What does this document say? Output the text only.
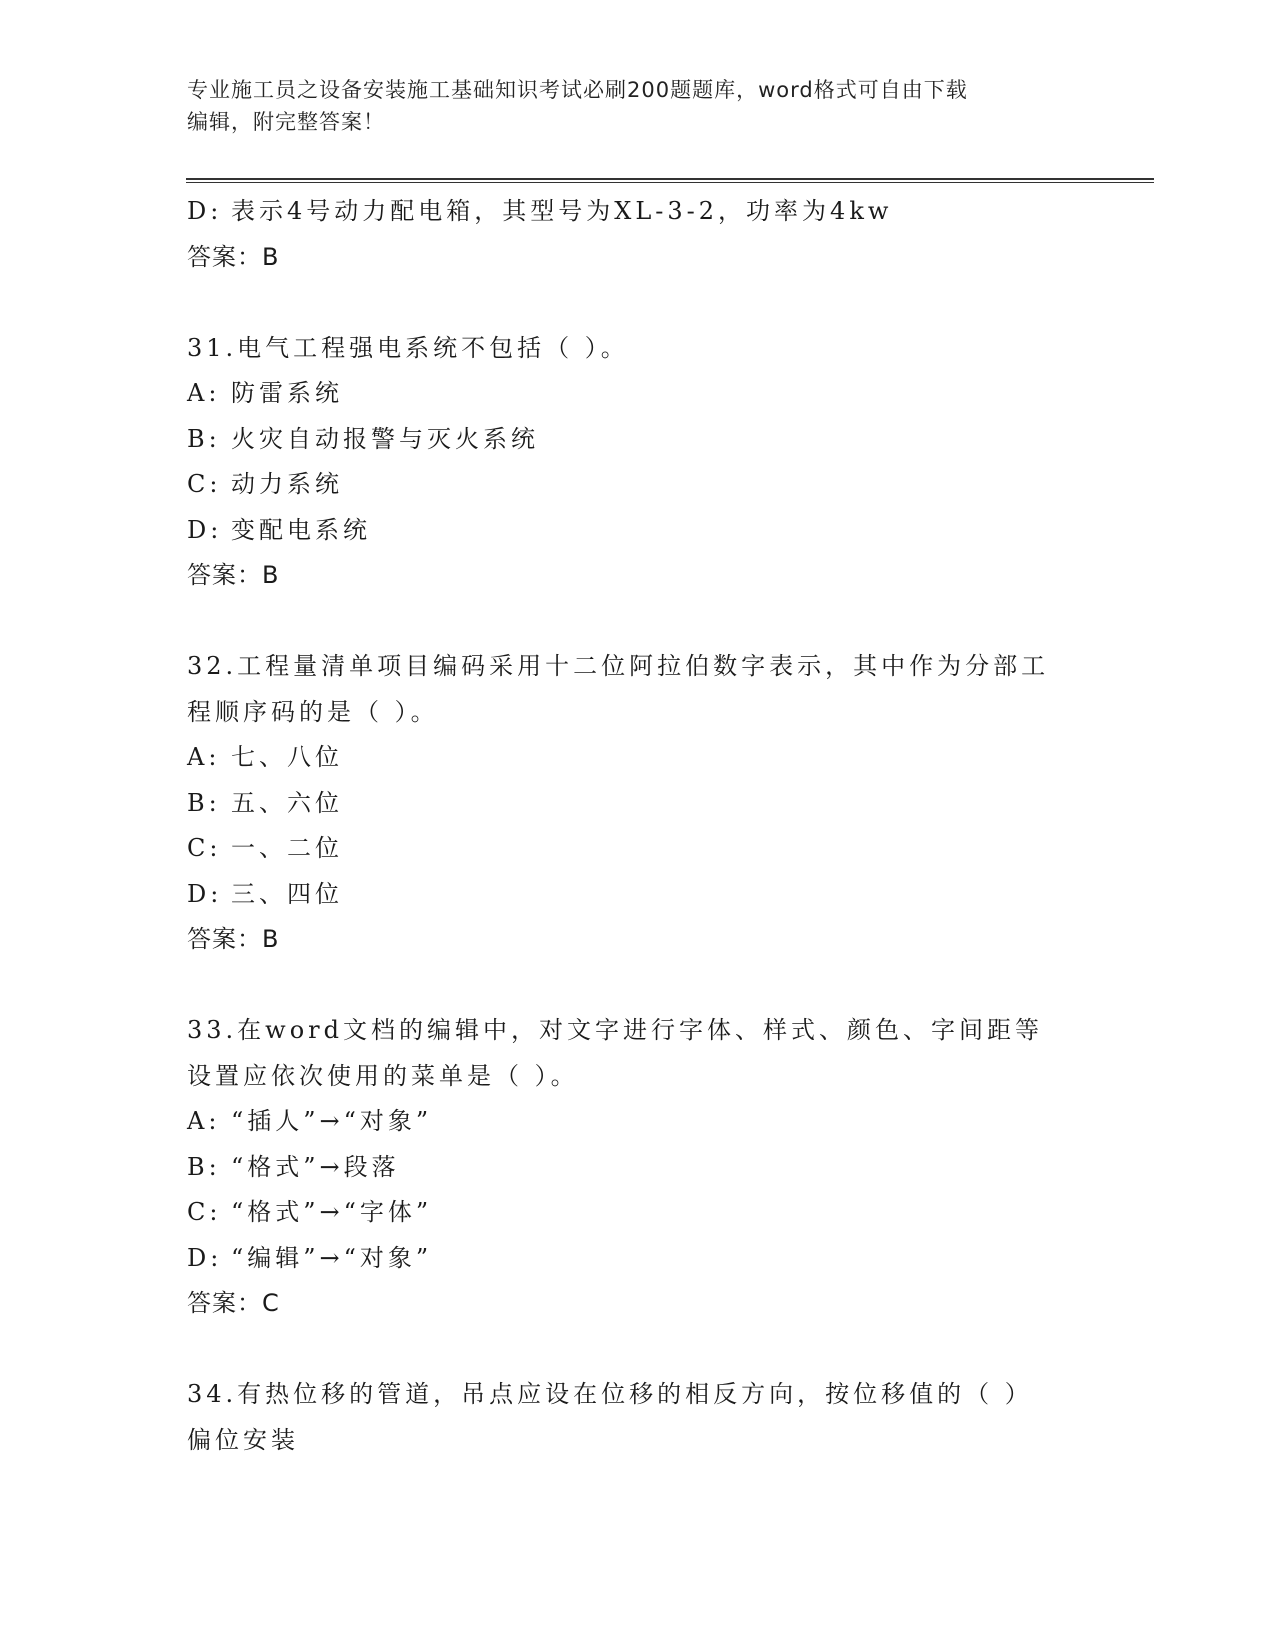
专业施工员之设备安装施工基础知识考试必刷200题题库，word格式可自由下载
编辑，附完整答案！
D: 表示4号动力配电箱，其型号为XL-3-2，功率为4kw
答案：B
31.电气工程强电系统不包括（ ）。
A: 防雷系统
B: 火灾自动报警与灭火系统
C: 动力系统
D: 变配电系统
答案：B
32.工程量清单项目编码采用十二位阿拉伯数字表示，其中作为分部工
程顺序码的是（ ）。
A: 七、八位
B: 五、六位
C: 一、二位
D: 三、四位
答案：B
33.在word文档的编辑中，对文字进行字体、样式、颜色、字间距等
设置应依次使用的菜单是（ ）。
A: “插人”→“对象”
B: “格式”→段落
C: “格式”→“字体”
D: “编辑”→“对象”
答案：C
34.有热位移的管道，吊点应设在位移的相反方向，按位移值的（ ）
偏位安装
